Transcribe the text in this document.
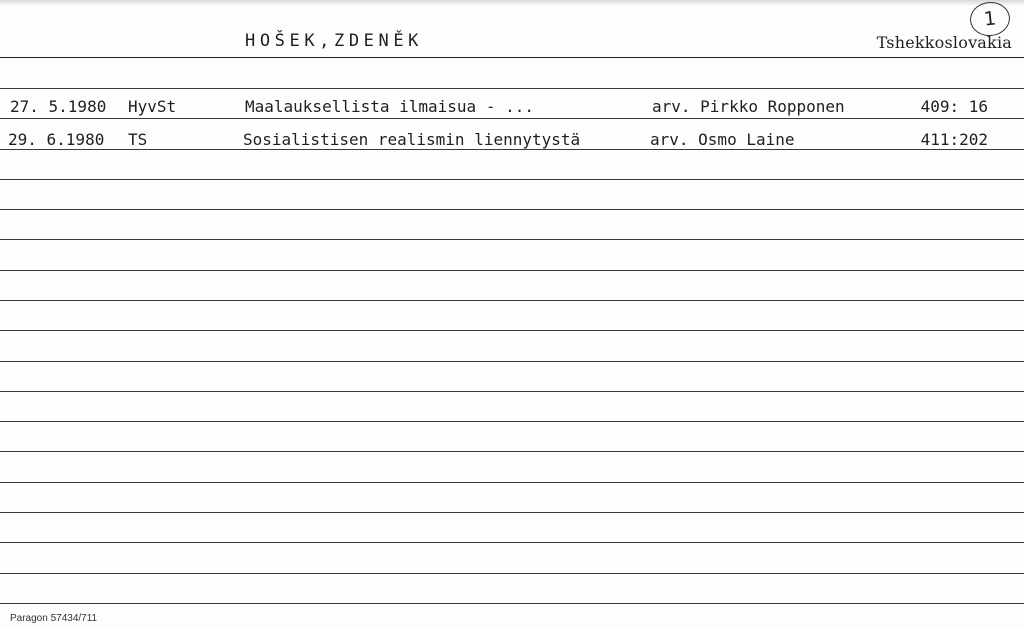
HOŠEK,ZDENĚK	Tshekkoslovakia
1
27. 5.1980 HyvSt	Maalauksellista ilmaisua - ...	arv. Pirkko Ropponen	409: 16
29. 6.1980 TS	Sosialistisen realismin liennytystä	arv. Osmo Laine	411:202
Paragon 57434/711
